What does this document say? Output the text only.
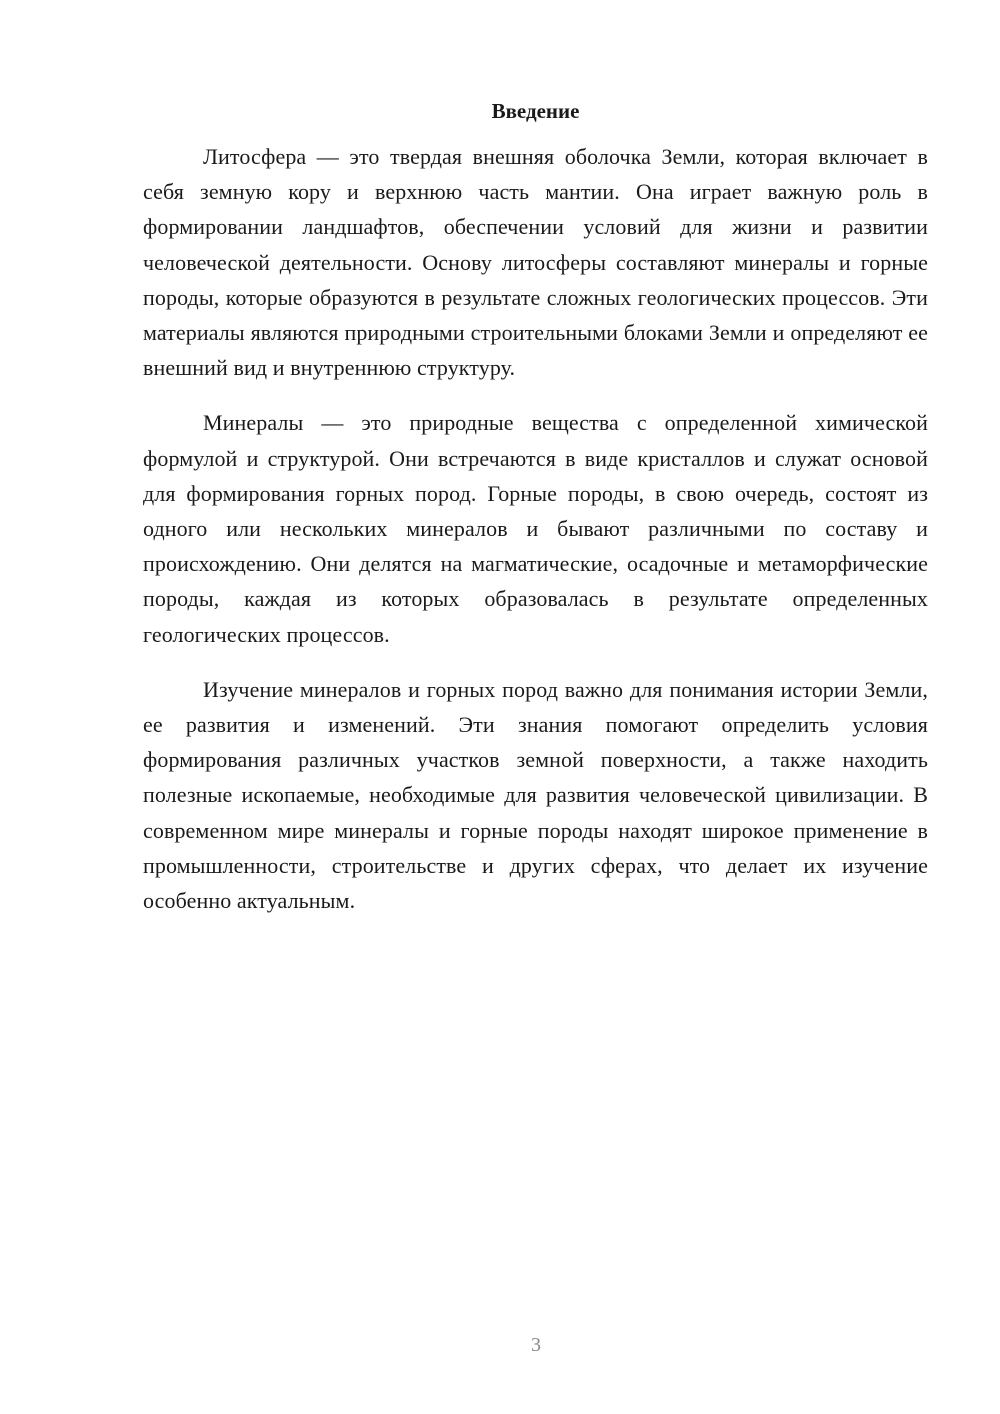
Введение

Литосфера — это твердая внешняя оболочка Земли, которая включает в себя земную кору и верхнюю часть мантии. Она играет важную роль в формировании ландшафтов, обеспечении условий для жизни и развитии человеческой деятельности. Основу литосферы составляют минералы и горные породы, которые образуются в результате сложных геологических процессов. Эти материалы являются природными строительными блоками Земли и определяют ее внешний вид и внутреннюю структуру.

Минералы — это природные вещества с определенной химической формулой и структурой. Они встречаются в виде кристаллов и служат основой для формирования горных пород. Горные породы, в свою очередь, состоят из одного или нескольких минералов и бывают различными по составу и происхождению. Они делятся на магматические, осадочные и метаморфические породы, каждая из которых образовалась в результате определенных геологических процессов.

Изучение минералов и горных пород важно для понимания истории Земли, ее развития и изменений. Эти знания помогают определить условия формирования различных участков земной поверхности, а также находить полезные ископаемые, необходимые для развития человеческой цивилизации. В современном мире минералы и горные породы находят широкое применение в промышленности, строительстве и других сферах, что делает их изучение особенно актуальным.

3
